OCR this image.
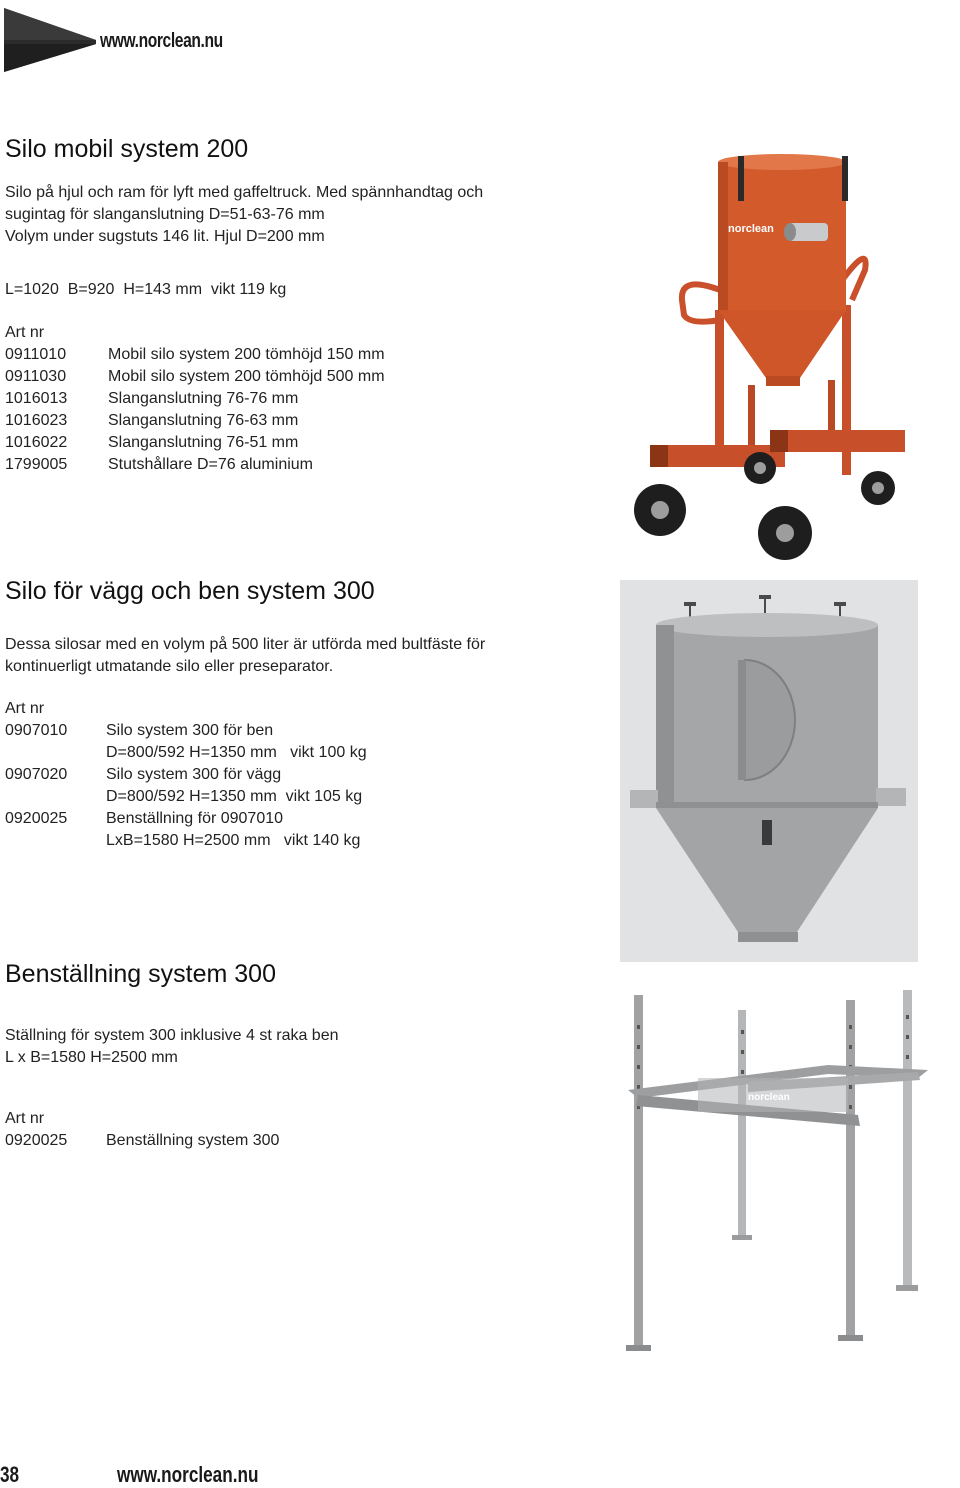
www.norclean.nu
Silo mobil system 200
Silo på hjul och ram för lyft med gaffeltruck. Med spännhandtag och
sugintag för slanganslutning D=51-63-76 mm
Volym under sugstuts 146 lit. Hjul D=200 mm
L=1020  B=920  H=143 mm  vikt 119 kg
Art nr
0911010	Mobil silo system 200 tömhöjd 150 mm
0911030	Mobil silo system 200 tömhöjd 500 mm
1016013	Slanganslutning 76-76 mm
1016023	Slanganslutning 76-63 mm
1016022	Slanganslutning 76-51 mm
1799005	Stutshållare D=76 aluminium
norclean
Silo för vägg och ben system 300
Dessa silosar med en volym på 500 liter är utförda med bultfäste för
kontinuerligt utmatande silo eller preseparator.
Art nr
0907010 Silo system 300 för ben
D=800/592 H=1350 mm   vikt 100 kg
0907020 Silo system 300 för vägg
D=800/592 H=1350 mm  vikt 105 kg
0920025 Benställning för 0907010
LxB=1580 H=2500 mm   vikt 140 kg
Benställning system 300
Ställning för system 300 inklusive 4 st raka ben
L x B=1580 H=2500 mm
Art nr
0920025 Benställning system 300
norclean
38	www.norclean.nu
